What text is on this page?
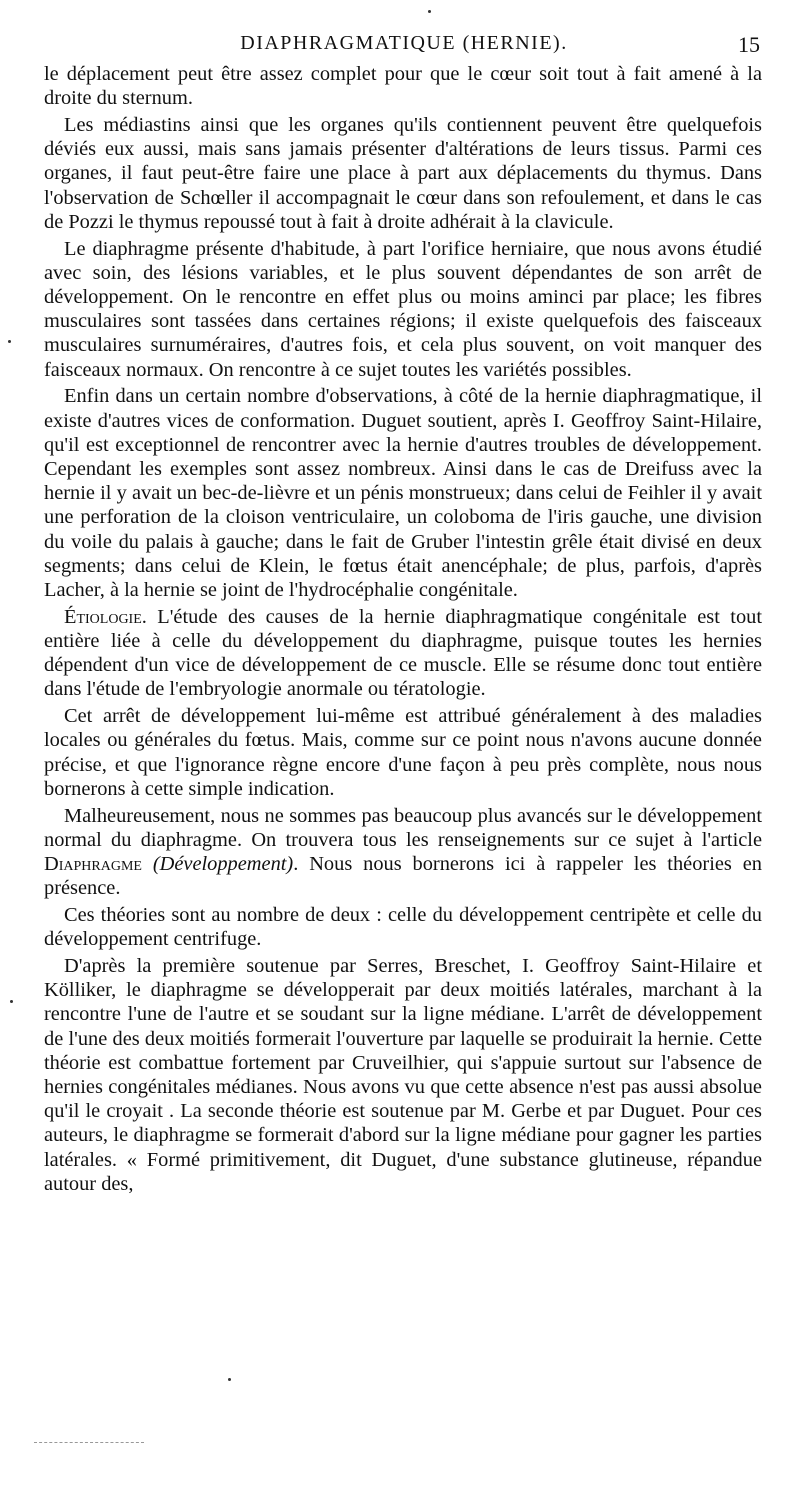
DIAPHRAGMATIQUE (HERNIE).	15

le déplacement peut être assez complet pour que le cœur soit tout à fait amené à la droite du sternum.

Les médiastins ainsi que les organes qu'ils contiennent peuvent être quelquefois déviés eux aussi, mais sans jamais présenter d'altérations de leurs tissus. Parmi ces organes, il faut peut-être faire une place à part aux déplacements du thymus. Dans l'observation de Schœller il accompagnait le cœur dans son refoulement, et dans le cas de Pozzi le thymus repoussé tout à fait à droite adhérait à la clavicule.

Le diaphragme présente d'habitude, à part l'orifice herniaire, que nous avons étudié avec soin, des lésions variables, et le plus souvent dépendantes de son arrêt de développement. On le rencontre en effet plus ou moins aminci par place; les fibres musculaires sont tassées dans certaines régions; il existe quelquefois des faisceaux musculaires surnuméraires, d'autres fois, et cela plus souvent, on voit manquer des faisceaux normaux. On rencontre à ce sujet toutes les variétés possibles.

Enfin dans un certain nombre d'observations, à côté de la hernie diaphragmatique, il existe d'autres vices de conformation. Duguet soutient, après I. Geoffroy Saint-Hilaire, qu'il est exceptionnel de rencontrer avec la hernie d'autres troubles de développement. Cependant les exemples sont assez nombreux. Ainsi dans le cas de Dreifuss avec la hernie il y avait un bec-de-lièvre et un pénis monstrueux; dans celui de Feihler il y avait une perforation de la cloison ventriculaire, un coloboma de l'iris gauche, une division du voile du palais à gauche; dans le fait de Gruber l'intestin grêle était divisé en deux segments; dans celui de Klein, le fœtus était anencéphale; de plus, parfois, d'après Lacher, à la hernie se joint de l'hydrocéphalie congénitale.

Étiologie. L'étude des causes de la hernie diaphragmatique congénitale est tout entière liée à celle du développement du diaphragme, puisque toutes les hernies dépendent d'un vice de développement de ce muscle. Elle se résume donc tout entière dans l'étude de l'embryologie anormale ou tératologie.

Cet arrêt de développement lui-même est attribué généralement à des maladies locales ou générales du fœtus. Mais, comme sur ce point nous n'avons aucune donnée précise, et que l'ignorance règne encore d'une façon à peu près complète, nous nous bornerons à cette simple indication.

Malheureusement, nous ne sommes pas beaucoup plus avancés sur le développement normal du diaphragme. On trouvera tous les renseignements sur ce sujet à l'article Diaphragme (Développement). Nous nous bornerons ici à rappeler les théories en présence.

Ces théories sont au nombre de deux : celle du développement centripète et celle du développement centrifuge.

D'après la première soutenue par Serres, Breschet, I. Geoffroy Saint-Hilaire et Kölliker, le diaphragme se développerait par deux moitiés latérales, marchant à la rencontre l'une de l'autre et se soudant sur la ligne médiane. L'arrêt de développement de l'une des deux moitiés formerait l'ouverture par laquelle se produirait la hernie. Cette théorie est combattue fortement par Cruveilhier, qui s'appuie surtout sur l'absence de hernies congénitales médianes. Nous avons vu que cette absence n'est pas aussi absolue qu'il le croyait . La seconde théorie est soutenue par M. Gerbe et par Duguet. Pour ces auteurs, le diaphragme se formerait d'abord sur la ligne médiane pour gagner les parties latérales. « Formé primitivement, dit Duguet, d'une substance glutineuse, répandue autour des,
